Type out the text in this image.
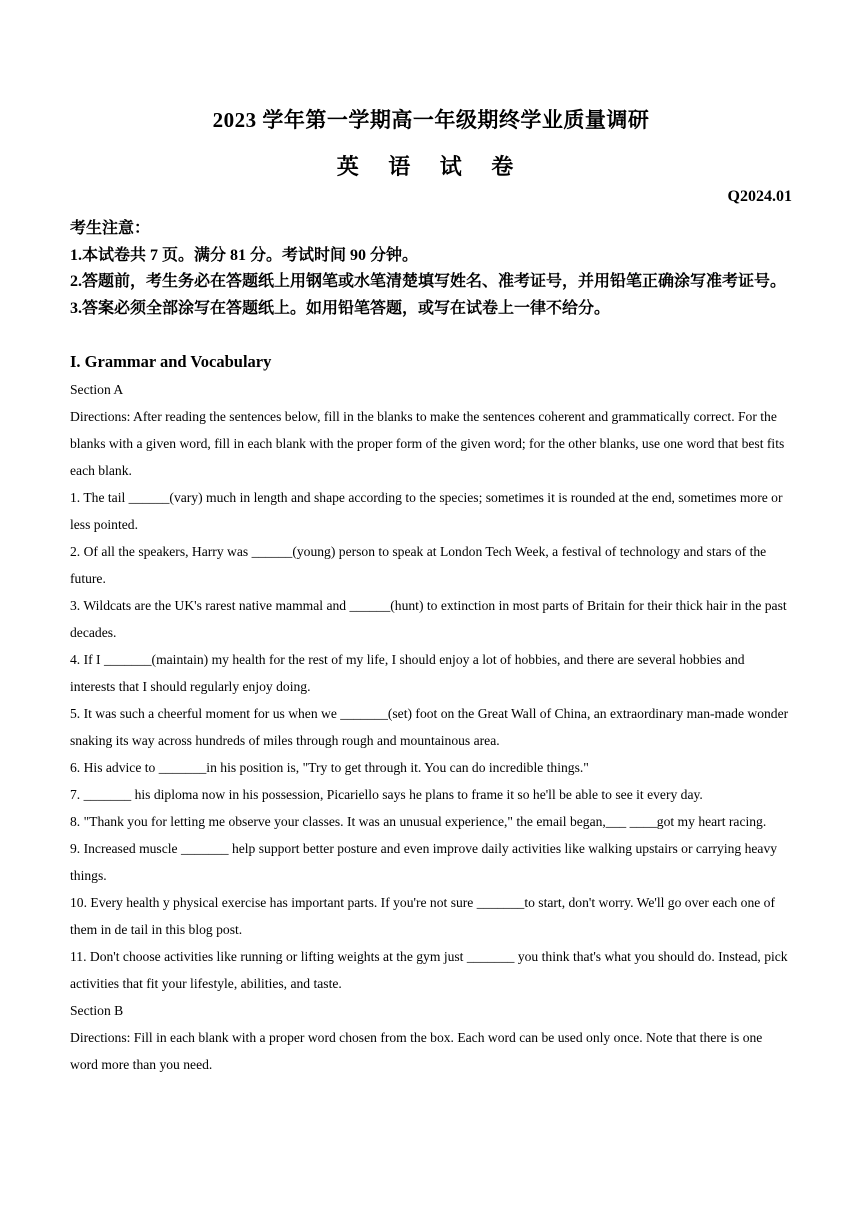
2023 学年第一学期高一年级期终学业质量调研
英 语 试 卷
Q2024.01
考生注意：
1.本试卷共 7 页。满分 81 分。考试时间 90 分钟。
2.答题前，考生务必在答题纸上用钢笔或水笔清楚填写姓名、准考证号，并用铅笔正确涂写准考证号。
3.答案必须全部涂写在答题纸上。如用铅笔答题，或写在试卷上一律不给分。
I. Grammar and Vocabulary

Section A

Directions: After reading the sentences below, fill in the blanks to make the sentences coherent and grammatically correct. For the blanks with a given word, fill in each blank with the proper form of the given word; for the other blanks, use one word that best fits each blank.

1. The tail ______(vary) much in length and shape according to the species; sometimes it is rounded at the end, sometimes more or less pointed.

2. Of all the speakers, Harry was ______(young) person to speak at London Tech Week, a festival of technology and stars of the future.

3. Wildcats are the UK's rarest native mammal and ______(hunt) to extinction in most parts of Britain for their thick hair in the past decades.

4. If I _______(maintain) my health for the rest of my life, I should enjoy a lot of hobbies, and there are several hobbies and interests that I should regularly enjoy doing.

5. It was such a cheerful moment for us when we _______(set) foot on the Great Wall of China, an extraordinary man-made wonder snaking its way across hundreds of miles through rough and mountainous area.

6. His advice to _______in his position is, "Try to get through it. You can do incredible things."

7. _______ his diploma now in his possession, Picariello says he plans to frame it so he'll be able to see it every day.

8. "Thank you for letting me observe your classes. It was an unusual experience," the email began,___ ____got my heart racing.

9. Increased muscle _______ help support better posture and even improve daily activities like walking upstairs or carrying heavy things.

10. Every health y physical exercise has important parts. If you're not sure _______to start, don't worry. We'll go over each one of them in de tail in this blog post.

11. Don't choose activities like running or lifting weights at the gym just _______ you think that's what you should do. Instead, pick activities that fit your lifestyle, abilities, and taste.

Section B

Directions: Fill in each blank with a proper word chosen from the box. Each word can be used only once. Note that there is one word more than you need.
